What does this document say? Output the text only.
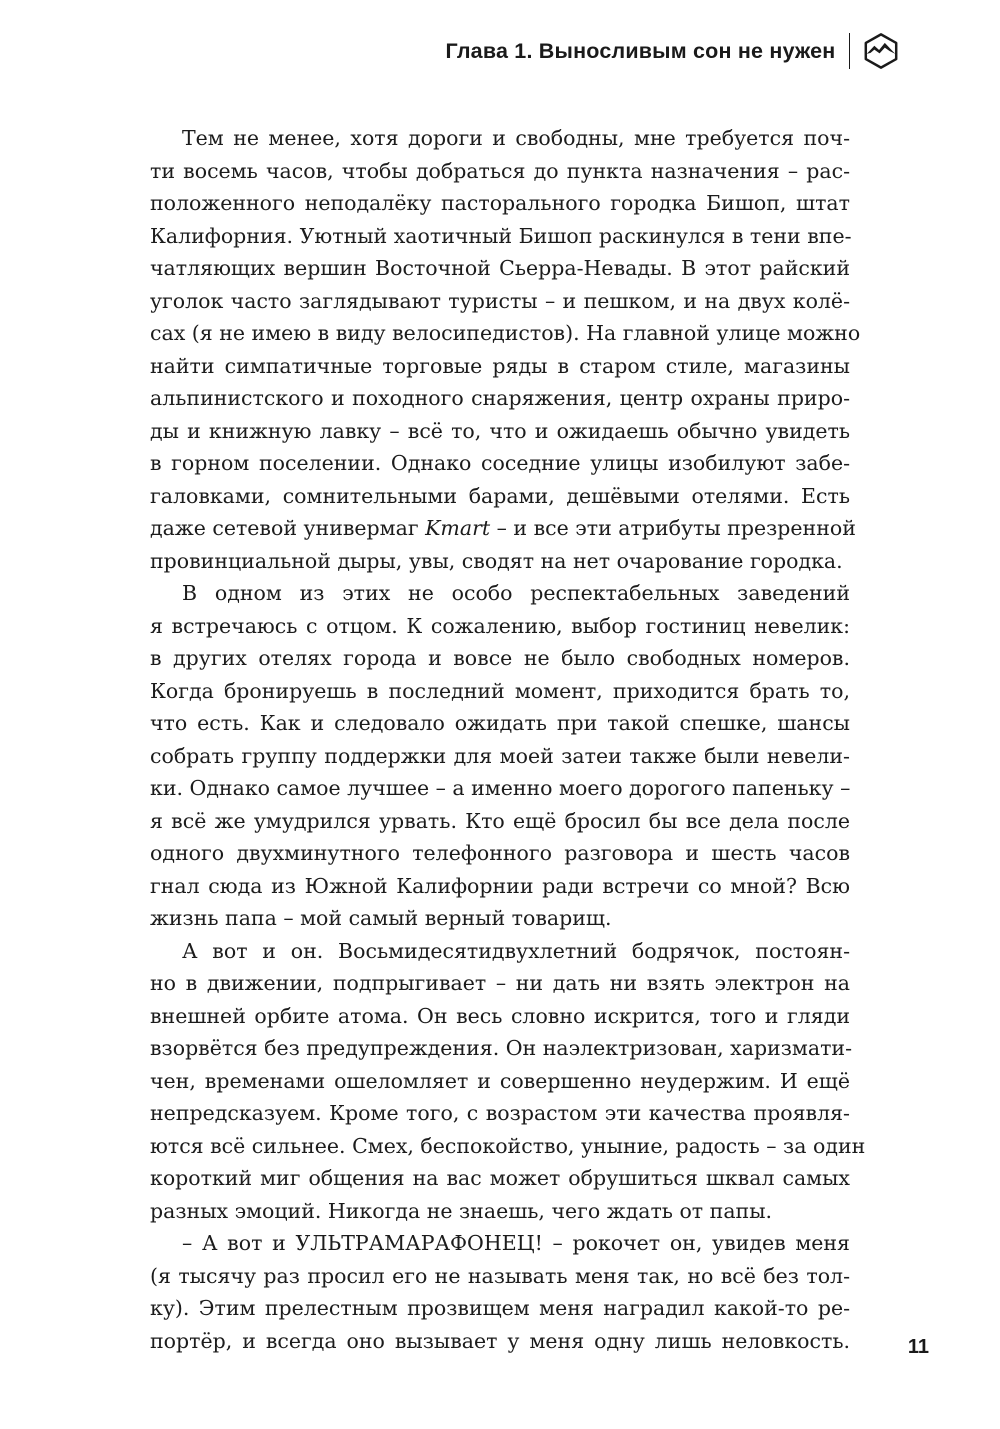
Глава 1. Выносливым сон не нужен
Тем не менее, хотя дороги и свободны, мне требуется поч-
ти восемь часов, чтобы добраться до пункта назначения – рас-
положенного неподалёку пасторального городка Бишоп, штат
Калифорния. Уютный хаотичный Бишоп раскинулся в тени впе-
чатляющих вершин Восточной Сьерра-Невады. В этот райский
уголок часто заглядывают туристы – и пешком, и на двух колё-
сах (я не имею в виду велосипедистов). На главной улице можно
найти симпатичные торговые ряды в старом стиле, магазины
альпинистского и походного снаряжения, центр охраны приро-
ды и книжную лавку – всё то, что и ожидаешь обычно увидеть
в горном поселении. Однако соседние улицы изобилуют забе-
галовками, сомнительными барами, дешёвыми отелями. Есть
даже сетевой универмаг Kmart – и все эти атрибуты презренной
провинциальной дыры, увы, сводят на нет очарование городка.
В одном из этих не особо респектабельных заведений
я встречаюсь с отцом. К сожалению, выбор гостиниц невелик:
в других отелях города и вовсе не было свободных номеров.
Когда бронируешь в последний момент, приходится брать то,
что есть. Как и следовало ожидать при такой спешке, шансы
собрать группу поддержки для моей затеи также были невели-
ки. Однако самое лучшее – а именно моего дорогого папеньку –
я всё же умудрился урвать. Кто ещё бросил бы все дела после
одного двухминутного телефонного разговора и шесть часов
гнал сюда из Южной Калифорнии ради встречи со мной? Всю
жизнь папа – мой самый верный товарищ.
А вот и он. Восьмидесятидвухлетний бодрячок, постоян-
но в движении, подпрыгивает – ни дать ни взять электрон на
внешней орбите атома. Он весь словно искрится, того и гляди
взорвётся без предупреждения. Он наэлектризован, харизмати-
чен, временами ошеломляет и совершенно неудержим. И ещё
непредсказуем. Кроме того, с возрастом эти качества проявля-
ются всё сильнее. Смех, беспокойство, уныние, радость – за один
короткий миг общения на вас может обрушиться шквал самых
разных эмоций. Никогда не знаешь, чего ждать от папы.
– А вот и УЛЬТРАМАРАФОНЕЦ! – рокочет он, увидев меня
(я тысячу раз просил его не называть меня так, но всё без тол-
ку). Этим прелестным прозвищем меня наградил какой-то ре-
портёр, и всегда оно вызывает у меня одну лишь неловкость.	11
